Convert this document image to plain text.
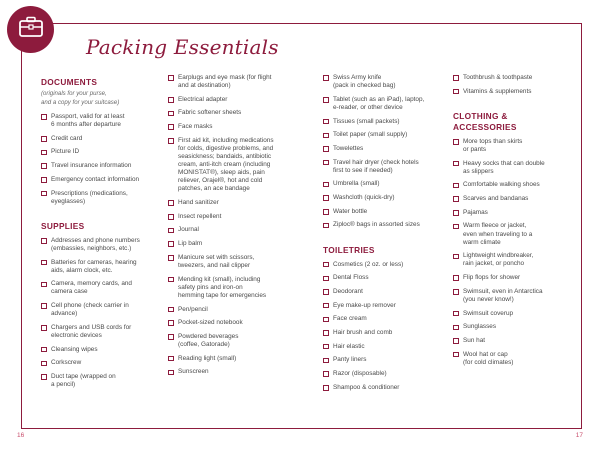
Packing Essentials
DOCUMENTS
(originals for your purse,
and a copy for your suitcase)
Passport, valid for at least
6 months after departure
Credit card
Picture ID
Travel insurance information
Emergency contact information
Prescriptions (medications,
eyeglasses)
SUPPLIES
Addresses and phone numbers
(embassies, neighbors, etc.)
Batteries for cameras, hearing
aids, alarm clock, etc.
Camera, memory cards, and
camera case
Cell phone (check carrier in
advance)
Chargers and USB cords for
electronic devices
Cleansing wipes
Corkscrew
Duct tape (wrapped on
a pencil)
Earplugs and eye mask (for flight
and at destination)
Electrical adapter
Fabric softener sheets
Face masks
First aid kit, including medications
for colds, digestive problems, and
seasickness; bandaids, antibiotic
cream, anti-itch cream (including
MONISTAT®), sleep aids, pain
reliever, Orajel®, hot and cold
patches, an ace bandage
Hand sanitizer
Insect repellent
Journal
Lip balm
Manicure set with scissors,
tweezers, and nail clipper
Mending kit (small), including
safety pins and iron-on
hemming tape for emergencies
Pen/pencil
Pocket-sized notebook
Powdered beverages
(coffee, Gatorade)
Reading light (small)
Sunscreen
Swiss Army knife
(pack in checked bag)
Tablet (such as an iPad), laptop,
e-reader, or other device
Tissues (small packets)
Toilet paper (small supply)
Towelettes
Travel hair dryer (check hotels
first to see if needed)
Umbrella (small)
Washcloth (quick-dry)
Water bottle
Ziploc® bags in assorted sizes
TOILETRIES
Cosmetics (2 oz. or less)
Dental Floss
Deodorant
Eye make-up remover
Face cream
Hair brush and comb
Hair elastic
Panty liners
Razor (disposable)
Shampoo & conditioner
Toothbrush & toothpaste
Vitamins & supplements
CLOTHING &
ACCESSORIES
More tops than skirts
or pants
Heavy socks that can double
as slippers
Comfortable walking shoes
Scarves and bandanas
Pajamas
Warm fleece or jacket,
even when traveling to a
warm climate
Lightweight windbreaker,
rain jacket, or poncho
Flip flops for shower
Swimsuit, even in Antarctica
(you never know!)
Swimsuit coverup
Sunglasses
Sun hat
Wool hat or cap
(for cold climates)
16	17
